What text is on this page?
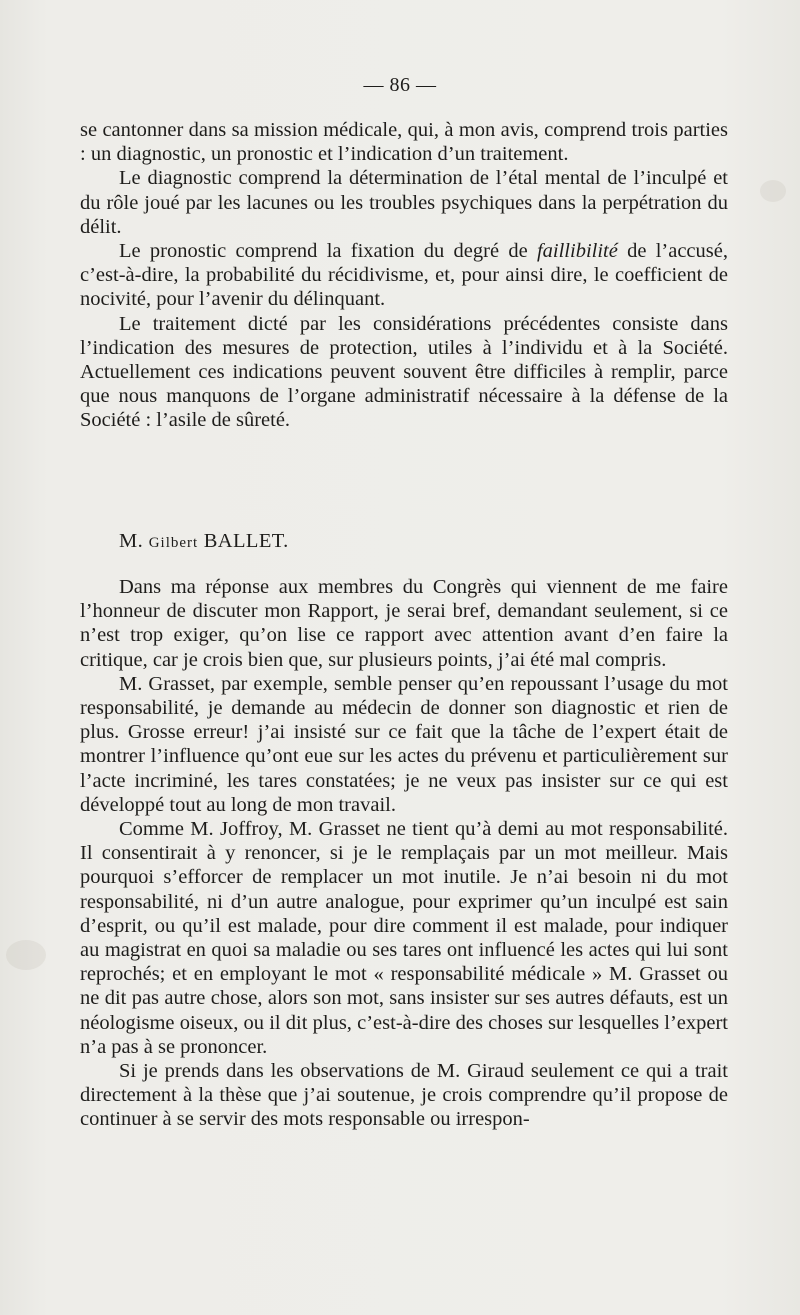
— 86 —

se cantonner dans sa mission médicale, qui, à mon avis, comprend trois parties : un diagnostic, un pronostic et l’indication d’un traitement.

Le diagnostic comprend la détermination de l’étal mental de l’inculpé et du rôle joué par les lacunes ou les troubles psychiques dans la perpétration du délit.

Le pronostic comprend la fixation du degré de faillibilité de l’accusé, c’est-à-dire, la probabilité du récidivisme, et, pour ainsi dire, le coefficient de nocivité, pour l’avenir du délinquant.

Le traitement dicté par les considérations précédentes consiste dans l’indication des mesures de protection, utiles à l’individu et à la Société. Actuellement ces indications peuvent souvent être difficiles à remplir, parce que nous manquons de l’organe administratif nécessaire à la défense de la Société : l’asile de sûreté.

M. Gilbert BALLET.

Dans ma réponse aux membres du Congrès qui viennent de me faire l’honneur de discuter mon Rapport, je serai bref, demandant seulement, si ce n’est trop exiger, qu’on lise ce rapport avec attention avant d’en faire la critique, car je crois bien que, sur plusieurs points, j’ai été mal compris.

M. Grasset, par exemple, semble penser qu’en repoussant l’usage du mot responsabilité, je demande au médecin de donner son diagnostic et rien de plus. Grosse erreur! j’ai insisté sur ce fait que la tâche de l’expert était de montrer l’influence qu’ont eue sur les actes du prévenu et particulièrement sur l’acte incriminé, les tares constatées; je ne veux pas insister sur ce qui est développé tout au long de mon travail.

Comme M. Joffroy, M. Grasset ne tient qu’à demi au mot responsabilité. Il consentirait à y renoncer, si je le remplaçais par un mot meilleur. Mais pourquoi s’efforcer de remplacer un mot inutile. Je n’ai besoin ni du mot responsabilité, ni d’un autre analogue, pour exprimer qu’un inculpé est sain d’esprit, ou qu’il est malade, pour dire comment il est malade, pour indiquer au magistrat en quoi sa maladie ou ses tares ont influencé les actes qui lui sont reprochés; et en employant le mot « responsabilité médicale » M. Grasset ou ne dit pas autre chose, alors son mot, sans insister sur ses autres défauts, est un néologisme oiseux, ou il dit plus, c’est-à-dire des choses sur lesquelles l’expert n’a pas à se prononcer.

Si je prends dans les observations de M. Giraud seulement ce qui a trait directement à la thèse que j’ai soutenue, je crois comprendre qu’il propose de continuer à se servir des mots responsable ou irrespon-
